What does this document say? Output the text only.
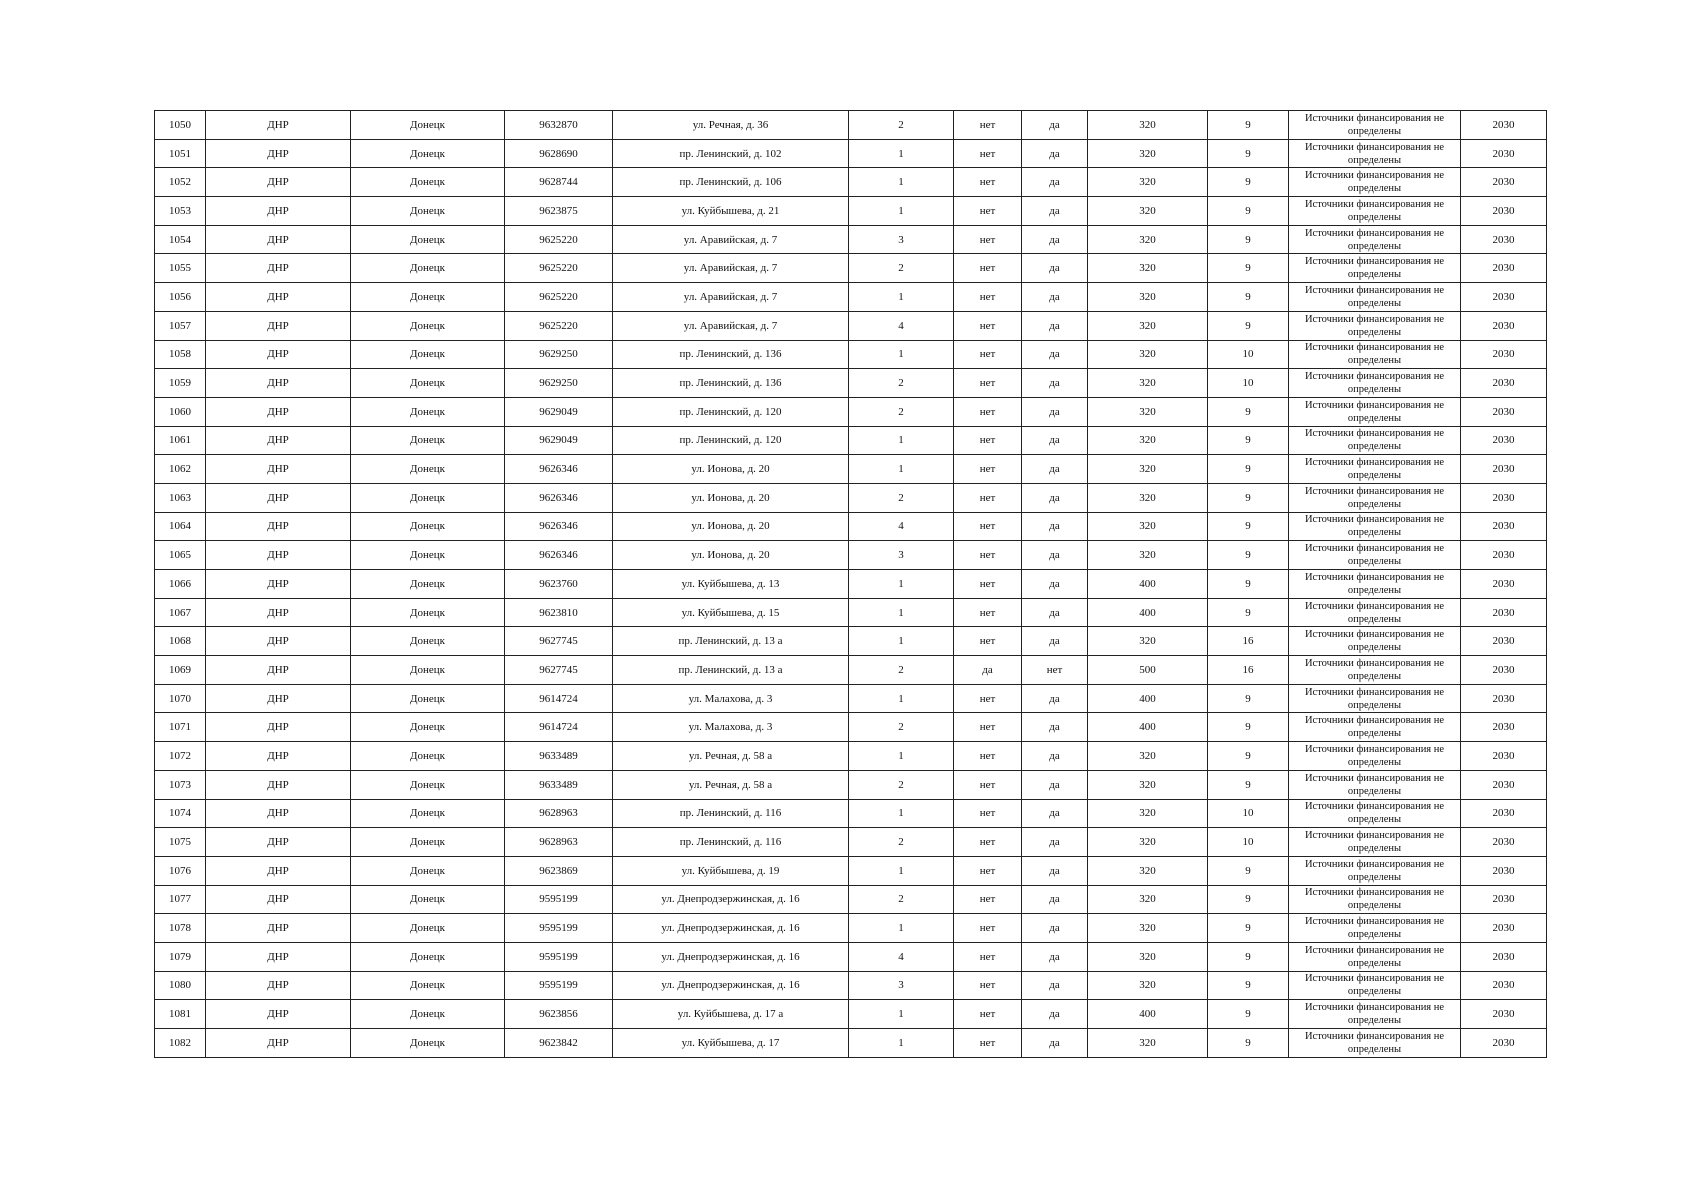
1050	ДНР	Донецк	9632870	ул. Речная, д. 36	2	нет	да	320	9	Источники финансирования не определены	2030
1051	ДНР	Донецк	9628690	пр. Ленинский, д. 102	1	нет	да	320	9	Источники финансирования не определены	2030
1052	ДНР	Донецк	9628744	пр. Ленинский, д. 106	1	нет	да	320	9	Источники финансирования не определены	2030
1053	ДНР	Донецк	9623875	ул. Куйбышева, д. 21	1	нет	да	320	9	Источники финансирования не определены	2030
1054	ДНР	Донецк	9625220	ул. Аравийская, д. 7	3	нет	да	320	9	Источники финансирования не определены	2030
1055	ДНР	Донецк	9625220	ул. Аравийская, д. 7	2	нет	да	320	9	Источники финансирования не определены	2030
1056	ДНР	Донецк	9625220	ул. Аравийская, д. 7	1	нет	да	320	9	Источники финансирования не определены	2030
1057	ДНР	Донецк	9625220	ул. Аравийская, д. 7	4	нет	да	320	9	Источники финансирования не определены	2030
1058	ДНР	Донецк	9629250	пр. Ленинский, д. 136	1	нет	да	320	10	Источники финансирования не определены	2030
1059	ДНР	Донецк	9629250	пр. Ленинский, д. 136	2	нет	да	320	10	Источники финансирования не определены	2030
1060	ДНР	Донецк	9629049	пр. Ленинский, д. 120	2	нет	да	320	9	Источники финансирования не определены	2030
1061	ДНР	Донецк	9629049	пр. Ленинский, д. 120	1	нет	да	320	9	Источники финансирования не определены	2030
1062	ДНР	Донецк	9626346	ул. Ионова, д. 20	1	нет	да	320	9	Источники финансирования не определены	2030
1063	ДНР	Донецк	9626346	ул. Ионова, д. 20	2	нет	да	320	9	Источники финансирования не определены	2030
1064	ДНР	Донецк	9626346	ул. Ионова, д. 20	4	нет	да	320	9	Источники финансирования не определены	2030
1065	ДНР	Донецк	9626346	ул. Ионова, д. 20	3	нет	да	320	9	Источники финансирования не определены	2030
1066	ДНР	Донецк	9623760	ул. Куйбышева, д. 13	1	нет	да	400	9	Источники финансирования не определены	2030
1067	ДНР	Донецк	9623810	ул. Куйбышева, д. 15	1	нет	да	400	9	Источники финансирования не определены	2030
1068	ДНР	Донецк	9627745	пр. Ленинский, д. 13 а	1	нет	да	320	16	Источники финансирования не определены	2030
1069	ДНР	Донецк	9627745	пр. Ленинский, д. 13 а	2	да	нет	500	16	Источники финансирования не определены	2030
1070	ДНР	Донецк	9614724	ул. Малахова, д. 3	1	нет	да	400	9	Источники финансирования не определены	2030
1071	ДНР	Донецк	9614724	ул. Малахова, д. 3	2	нет	да	400	9	Источники финансирования не определены	2030
1072	ДНР	Донецк	9633489	ул. Речная, д. 58 а	1	нет	да	320	9	Источники финансирования не определены	2030
1073	ДНР	Донецк	9633489	ул. Речная, д. 58 а	2	нет	да	320	9	Источники финансирования не определены	2030
1074	ДНР	Донецк	9628963	пр. Ленинский, д. 116	1	нет	да	320	10	Источники финансирования не определены	2030
1075	ДНР	Донецк	9628963	пр. Ленинский, д. 116	2	нет	да	320	10	Источники финансирования не определены	2030
1076	ДНР	Донецк	9623869	ул. Куйбышева, д. 19	1	нет	да	320	9	Источники финансирования не определены	2030
1077	ДНР	Донецк	9595199	ул. Днепродзержинская, д. 16	2	нет	да	320	9	Источники финансирования не определены	2030
1078	ДНР	Донецк	9595199	ул. Днепродзержинская, д. 16	1	нет	да	320	9	Источники финансирования не определены	2030
1079	ДНР	Донецк	9595199	ул. Днепродзержинская, д. 16	4	нет	да	320	9	Источники финансирования не определены	2030
1080	ДНР	Донецк	9595199	ул. Днепродзержинская, д. 16	3	нет	да	320	9	Источники финансирования не определены	2030
1081	ДНР	Донецк	9623856	ул. Куйбышева, д. 17 а	1	нет	да	400	9	Источники финансирования не определены	2030
1082	ДНР	Донецк	9623842	ул. Куйбышева, д. 17	1	нет	да	320	9	Источники финансирования не определены	2030
